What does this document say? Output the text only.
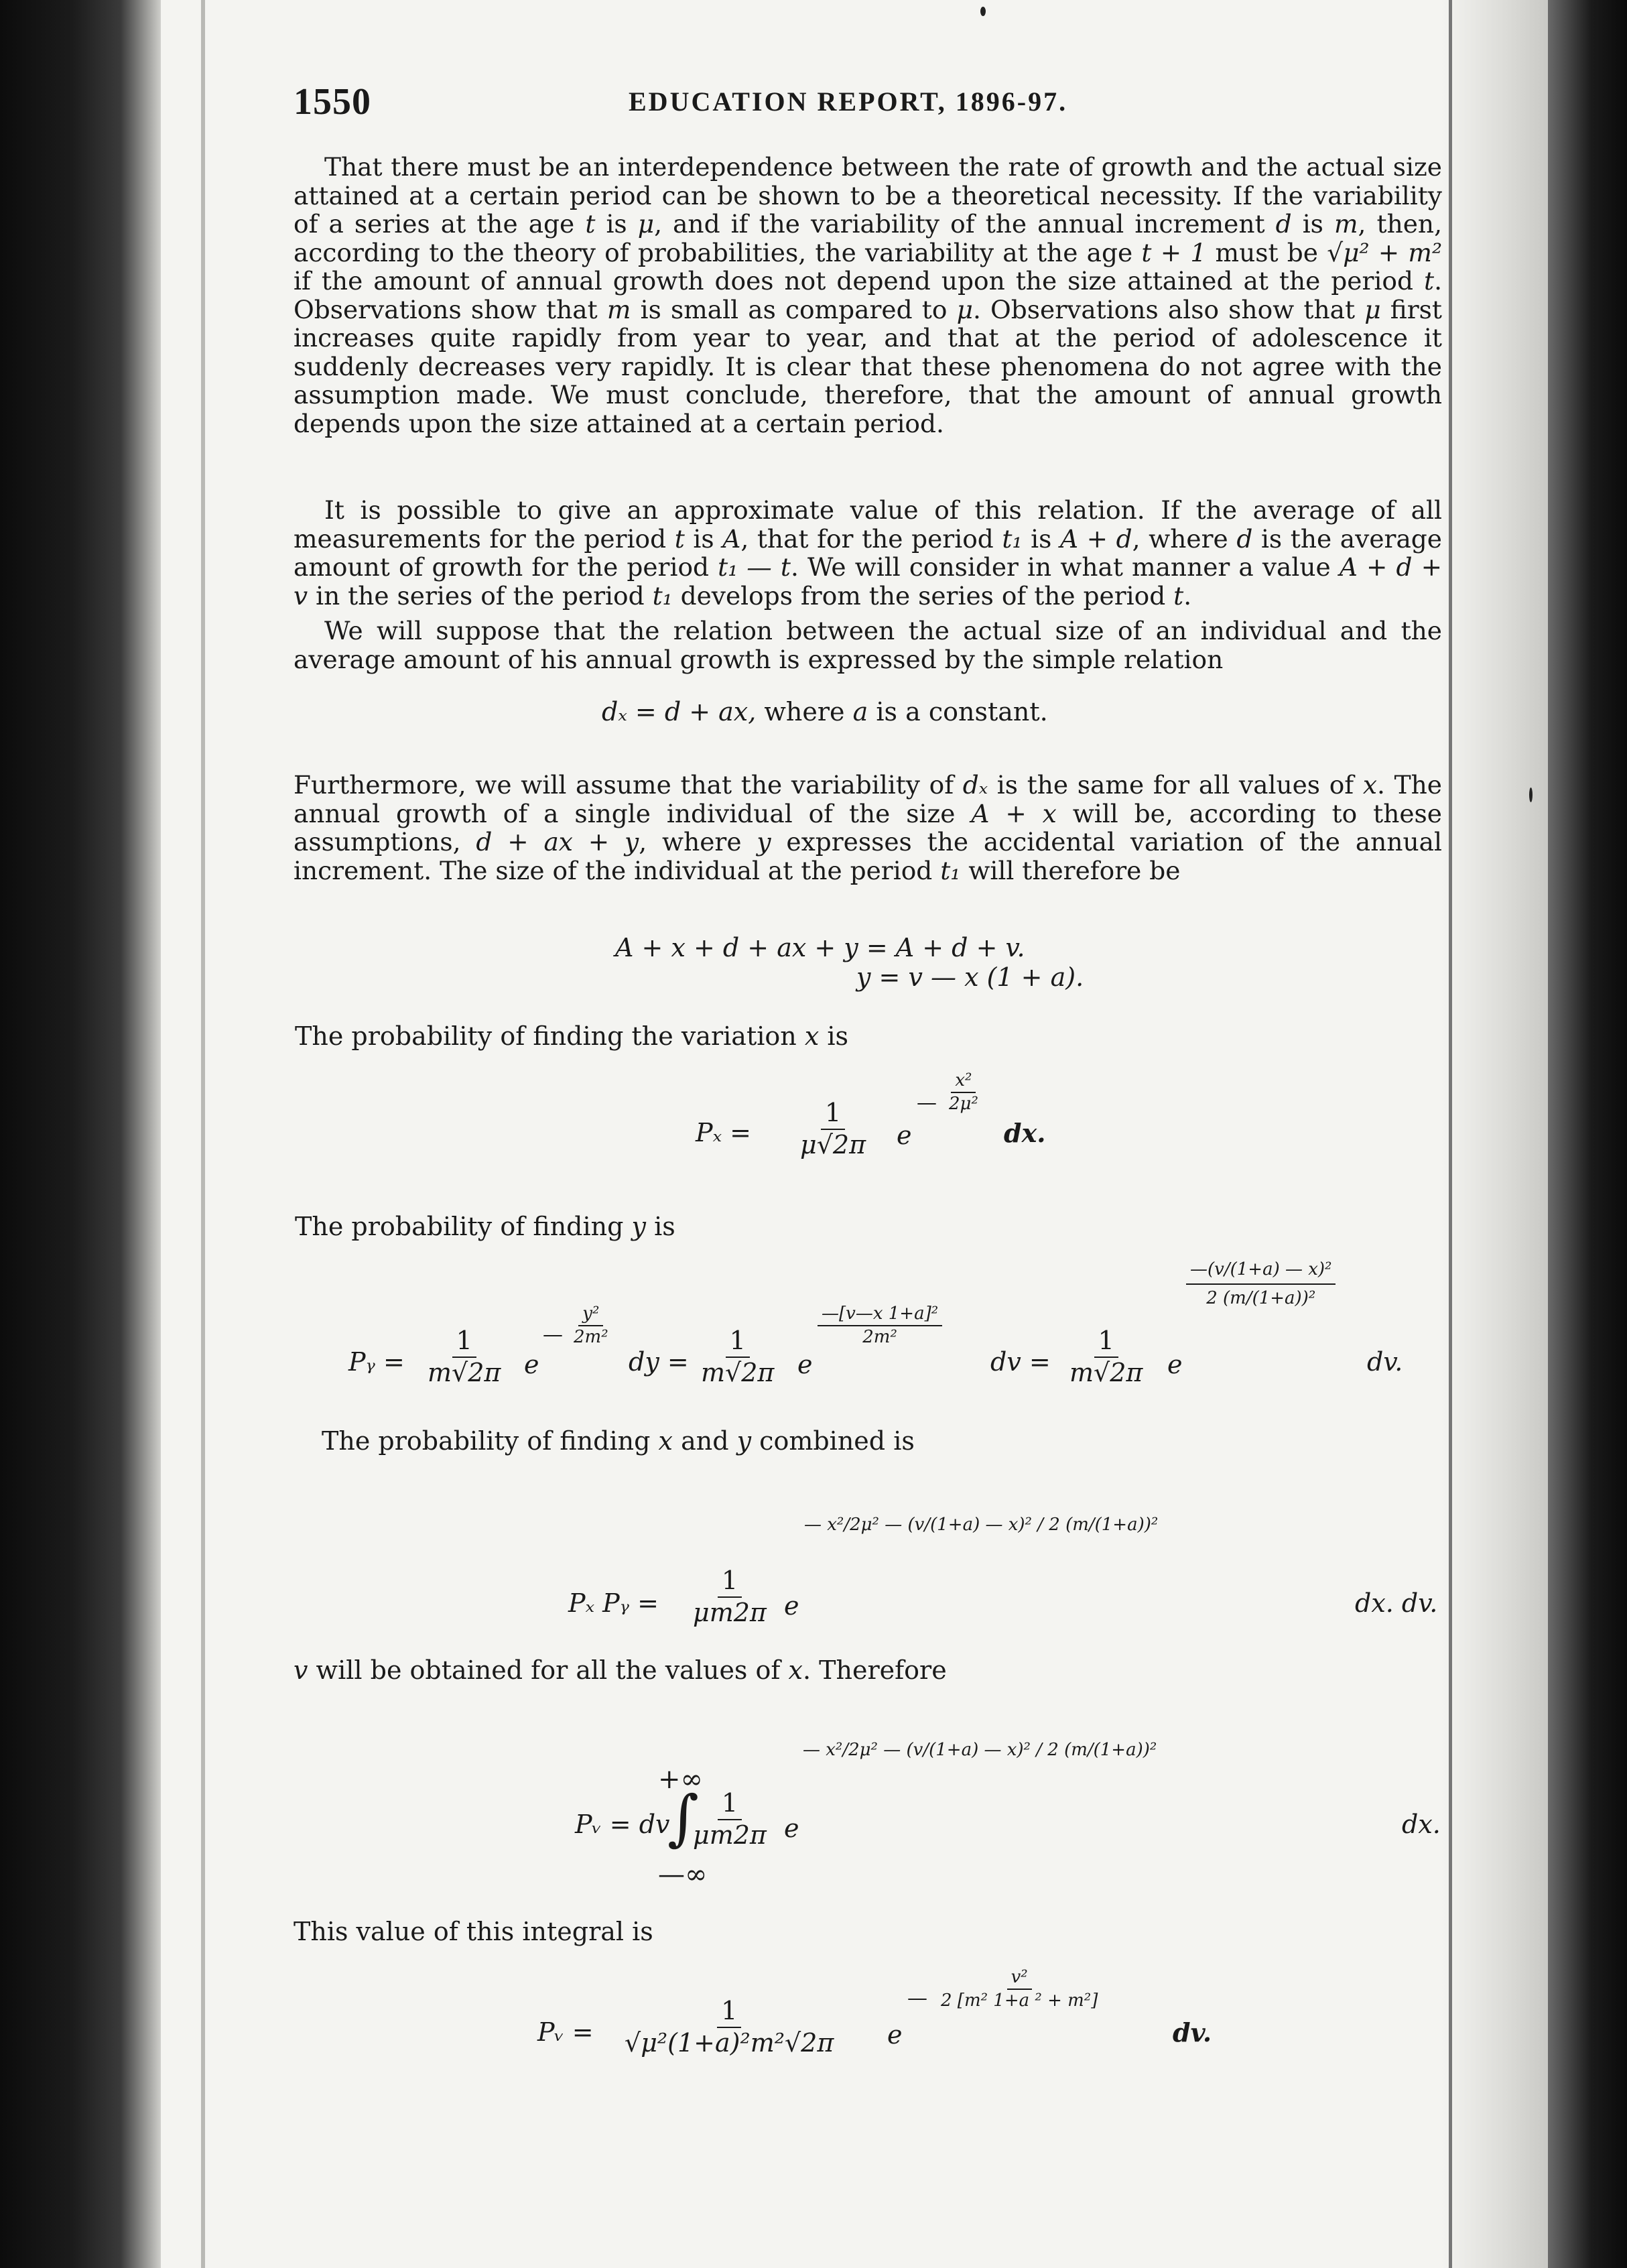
1550	EDUCATION REPORT, 1896-97.

That there must be an interdependence between the rate of growth and the actual size attained at a certain period can be shown to be a theoretical necessity. If the variability of a series at the age t is μ, and if the variability of the annual increment d is m, then, according to the theory of probabilities, the variability at the age t + 1 must be √μ² + m² if the amount of annual growth does not depend upon the size attained at the period t. Observations show that m is small as compared to μ. Observations also show that μ first increases quite rapidly from year to year, and that at the period of adolescence it suddenly decreases very rapidly. It is clear that these phenomena do not agree with the assumption made. We must conclude, therefore, that the amount of annual growth depends upon the size attained at a certain period.

It is possible to give an approximate value of this relation. If the average of all measurements for the period t is A, that for the period t₁ is A + d, where d is the average amount of growth for the period t₁ — t. We will consider in what manner a value A + d + v in the series of the period t₁ develops from the series of the period t.

We will suppose that the relation between the actual size of an individual and the average amount of his annual growth is expressed by the simple relation

dₓ = d + ax, where a is a constant.

Furthermore, we will assume that the variability of dₓ is the same for all values of x. The annual growth of a single individual of the size A + x will be, according to these assumptions, d + ax + y, where y expresses the accidental variation of the annual increment. The size of the individual at the period t₁ will therefore be

A + x + d + ax + y = A + d + v.
y = v — x (1 + a).
The probability of finding the variation x is
$P_x = \frac{1}{\mu√2\pi}$ e
— $\frac{\text{x²}}{\text{2μ²}}$
dx.
The probability of finding y is
Pᵧ = $\frac{1}{m√2\pi}$ e
— $\frac{\text{y²}}{\text{2m²}}$
dy = $\frac{1}{m√2\pi}$ e
$\frac{\text{—[v—x 1+a]²}}{\text{2m²}}$
dv = $\frac{1}{m√2\pi}$ e
$\frac{\text{—(v/(1+a) — x)²}}{\text{2 (m/(1+a))²}}$
dv.
The probability of finding x and y combined is
Pₓ Pᵧ = $\frac{1}{\mu m2\pi}$ e
— x²/2μ² — (v/(1+a) — x)² / 2 (m/(1+a))²
dx. dv.
v will be obtained for all the values of x. Therefore
Pᵥ = dv
+∞
∫
—∞
$\frac{1}{\mu m2\pi}$ e
— x²/2μ² — (v/(1+a) — x)² / 2 (m/(1+a))²
dx.
This value of this integral is
Pᵥ = $\frac{1}{\text{√μ²(1+a)²m²√2π}}$ e
— $\frac{\text{v²}}{\text{2 [m² 1+a ² + m²]}}$
dv.
